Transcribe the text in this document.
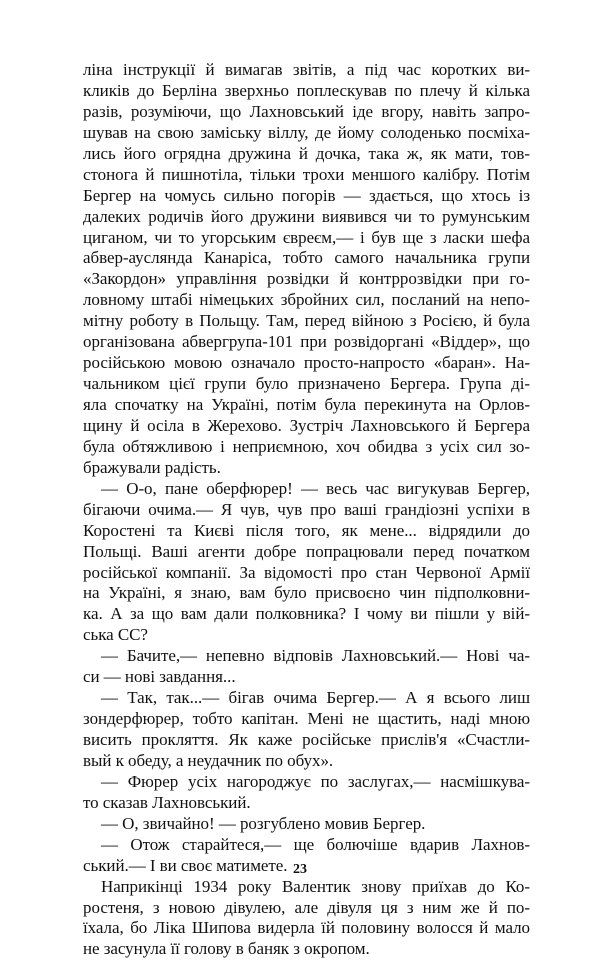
ліна інструкції й вимагав звітів, а під час коротких ви-
кликів до Берліна зверхньо поплескував по плечу й кілька
разів, розуміючи, що Лахновський іде вгору, навіть запро-
шував на свою заміську віллу, де йому солоденько посміха-
лись його огрядна дружина й дочка, така ж, як мати, тов-
стонога й пишнотіла, тільки трохи меншого калібру. Потім
Бергер на чомусь сильно погорів — здається, що хтось із
далеких родичів його дружини виявився чи то румунським
циганом, чи то угорським євреєм,— і був ще з ласки шефа
абвер-ауслянда Канаріса, тобто самого начальника групи
«Закордон» управління розвідки й контррозвідки при го-
ловному штабі німецьких збройних сил, посланий на непо-
мітну роботу в Польщу. Там, перед війною з Росією, й була
організована абвергрупа-101 при розвідоргані «Віддер», що
російською мовою означало просто-напросто «баран». На-
чальником цієї групи було призначено Бергера. Група ді-
яла спочатку на Україні, потім була перекинута на Орлов-
щину й осіла в Жерехово. Зустріч Лахновського й Бергера
була обтяжливою і неприємною, хоч обидва з усіх сил зо-
бражували радість.
— О-о, пане оберфюрер! — весь час вигукував Бергер,
бігаючи очима.— Я чув, чув про ваші грандіозні успіхи в
Коростені та Києві після того, як мене... відрядили до
Польщі. Ваші агенти добре попрацювали перед початком
російської компанії. За відомості про стан Червоної Армії
на Україні, я знаю, вам було присвоєно чин підполковни-
ка. А за що вам дали полковника? І чому ви пішли у вій-
ська СС?
— Бачите,— непевно відповів Лахновський.— Нові ча-
си — нові завдання...
— Так, так...— бігав очима Бергер.— А я всього лиш
зондерфюрер, тобто капітан. Мені не щастить, наді мною
висить прокляття. Як каже російське прислів'я «Счастли-
вый к обеду, а неудачник по обух».
— Фюрер усіх нагороджує по заслугах,— насмішкува-
то сказав Лахновський.
— О, звичайно! — розгублено мовив Бергер.
— Отож старайтеся,— ще болючіше вдарив Лахнов-
ський.— І ви своє матимете.
Наприкінці 1934 року Валентик знову приїхав до Ко-
ростеня, з новою дівулею, але дівуля ця з ним же й по-
їхала, бо Ліка Шипова видерла їй половину волосся й мало
не засунула її голову в баняк з окропом.
23
